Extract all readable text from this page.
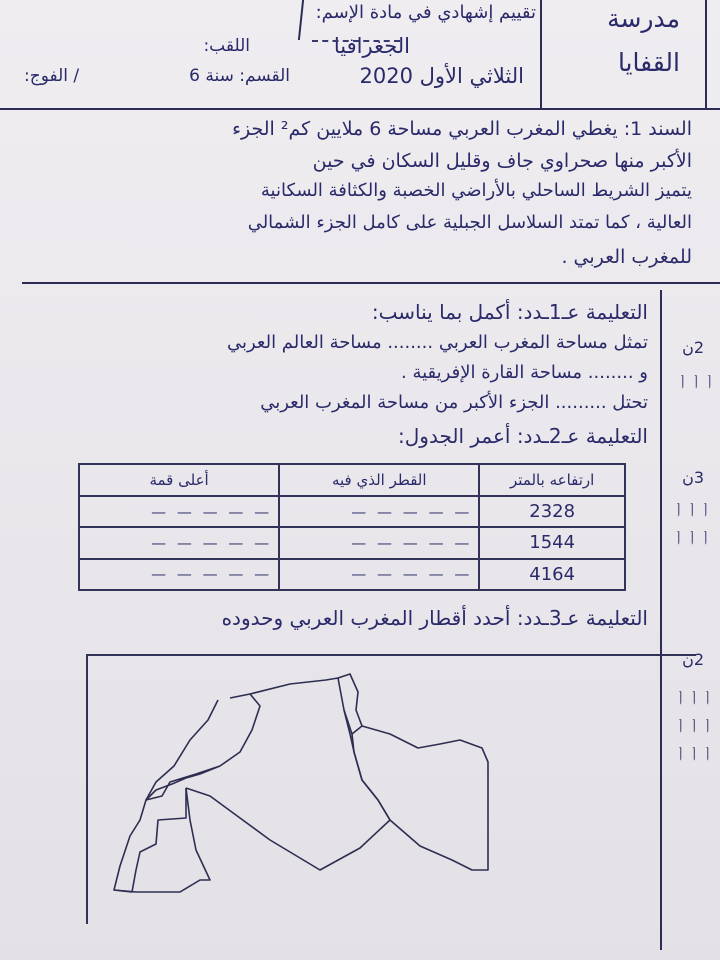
مدرسة
القفايا
تقييم إشهادي في مادة الإسم:
الجغرافيا
اللقب:
الثلاثي الأول 2020
القسم: سنة 6
/ الفوج:
السند 1: يغطي المغرب العربي مساحة 6 ملايين كم² الجزء
الأكبر منها صحراوي جاف وقليل السكان في حين
يتميز الشريط الساحلي بالأراضي الخصبة والكثافة السكانية
العالية ، كما تمتد السلاسل الجبلية على كامل الجزء الشمالي
للمغرب العربي .
التعليمة عـ1ـدد: أكمل بما يناسب:
تمثل مساحة المغرب العربي ........ مساحة العالم العربي
و ........ مساحة القارة الإفريقية .
تحتل ......... الجزء الأكبر من مساحة المغرب العربي
2ن
ㅣㅣㅣ
التعليمة عـ2ـدد: أعمر الجدول:
3ن
ㅣㅣㅣ
ㅣㅣㅣ
ارتفاعه بالمتر	القطر الذي فيه	أعلى قمة
2328	— — — — —	— — — — —
1544	— — — — —	— — — — —
4164	— — — — —	— — — — —
التعليمة عـ3ـدد: أحدد أقطار المغرب العربي وحدوده
2ن
ㅣㅣㅣ
ㅣㅣㅣ
ㅣㅣㅣ
